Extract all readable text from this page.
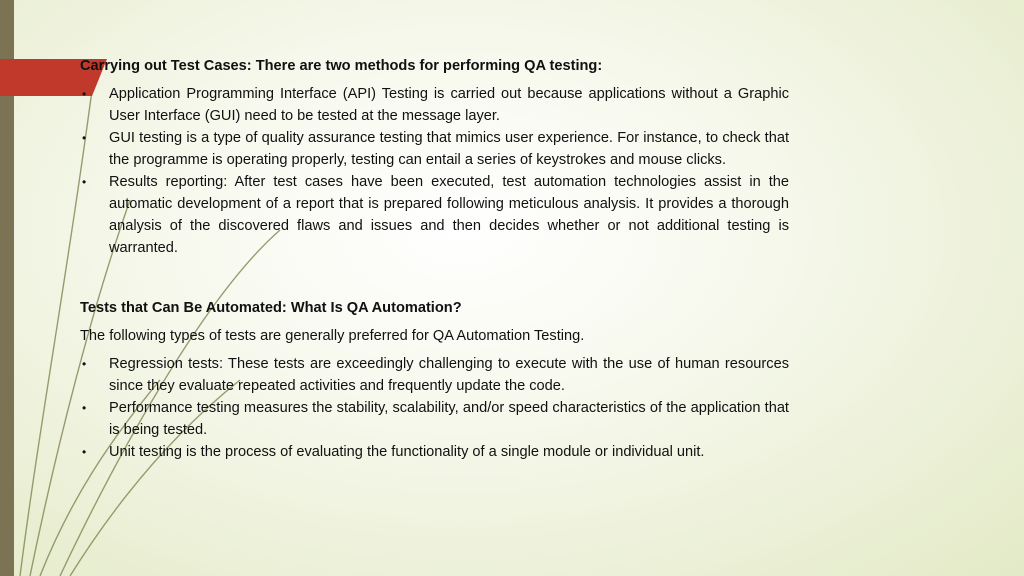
Carrying out Test Cases: There are two methods for performing QA testing:

• Application Programming Interface (API) Testing is carried out because applications without a Graphic User Interface (GUI) need to be tested at the message layer.
• GUI testing is a type of quality assurance testing that mimics user experience. For instance, to check that the programme is operating properly, testing can entail a series of keystrokes and mouse clicks.
• Results reporting: After test cases have been executed, test automation technologies assist in the automatic development of a report that is prepared following meticulous analysis. It provides a thorough analysis of the discovered flaws and issues and then decides whether or not additional testing is warranted.

Tests that Can Be Automated: What Is QA Automation?

The following types of tests are generally preferred for QA Automation Testing.

• Regression tests: These tests are exceedingly challenging to execute with the use of human resources since they evaluate repeated activities and frequently update the code.
• Performance testing measures the stability, scalability, and/or speed characteristics of the application that is being tested.
• Unit testing is the process of evaluating the functionality of a single module or individual unit.
